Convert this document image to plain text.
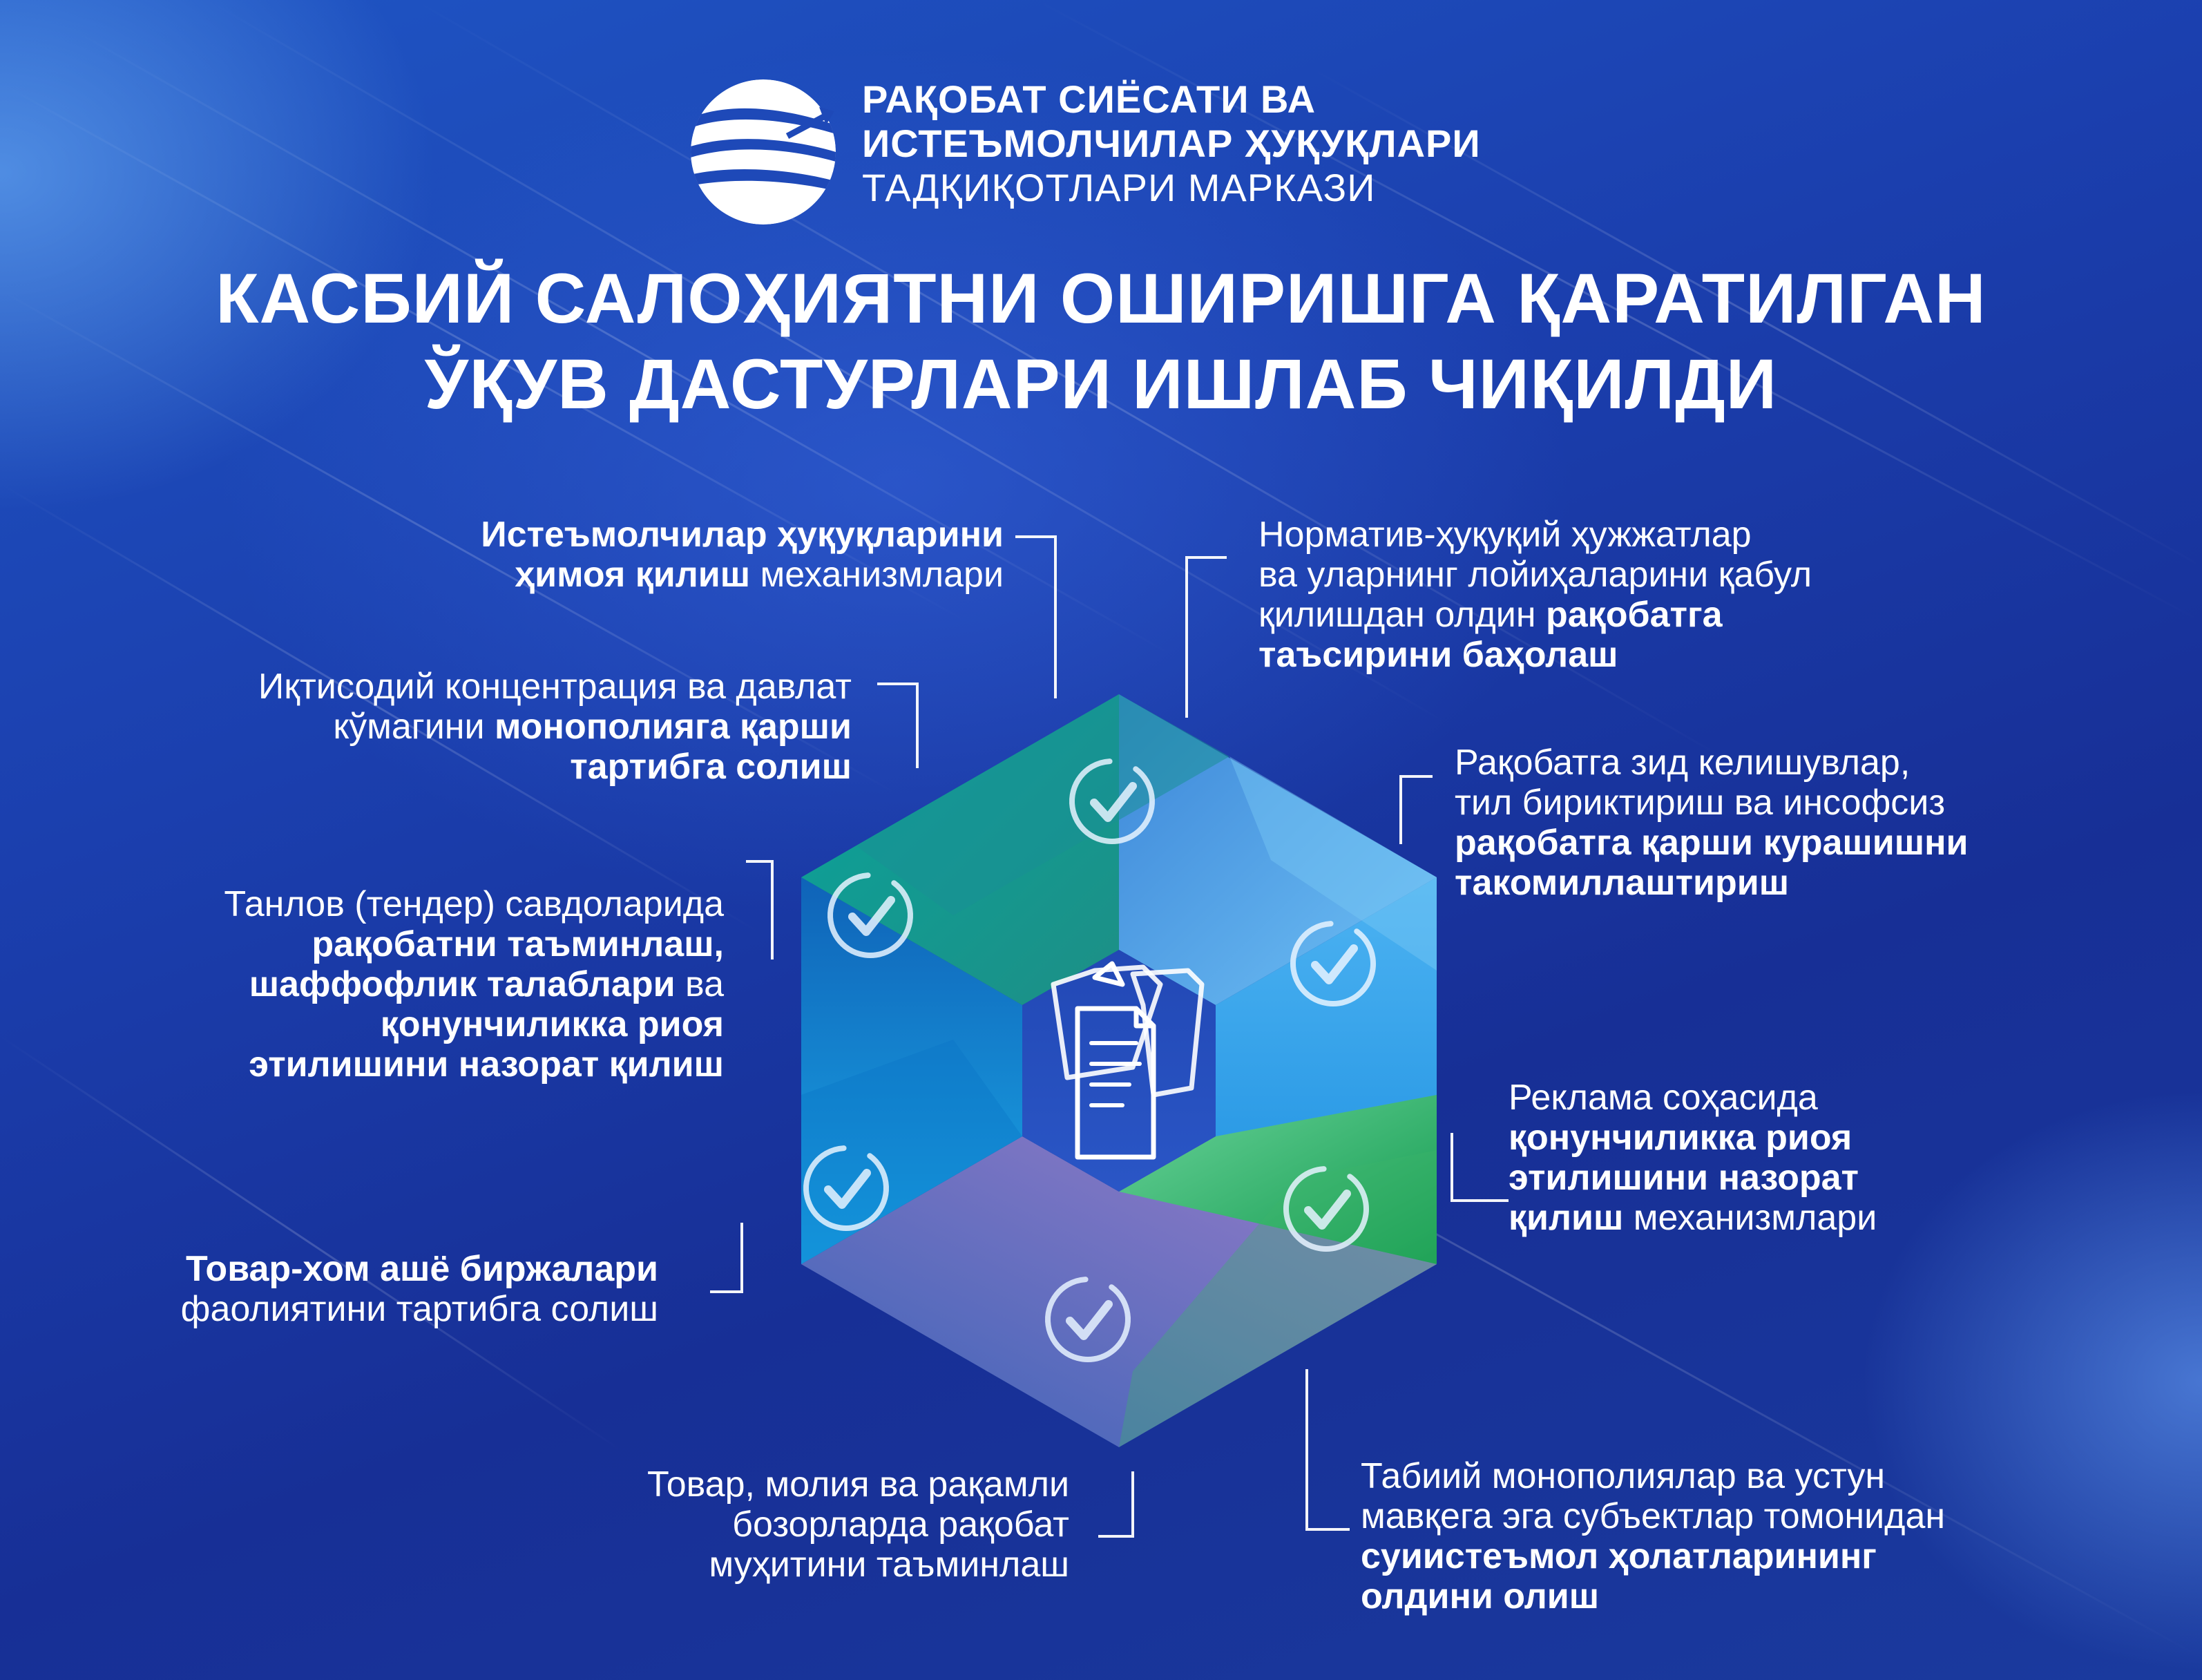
РАҚОБАТ СИЁСАТИ ВА
ИСТЕЪМОЛЧИЛАР ҲУҚУҚЛАРИ
ТАДҚИҚОТЛАРИ МАРКАЗИ
КАСБИЙ САЛОҲИЯТНИ ОШИРИШГА ҚАРАТИЛГАН
ЎҚУВ ДАСТУРЛАРИ ИШЛАБ ЧИҚИЛДИ
Истеъмолчилар ҳуқуқларини
ҳимоя қилиш механизмлари
Иқтисодий концентрация ва давлат
кўмагини монополияга қарши
тартибга солиш
Танлов (тендер) савдоларида
рақобатни таъминлаш,
шаффофлик талаблари ва
қонунчиликка риоя
этилишини назорат қилиш
Товар-хом ашё биржалари
фаолиятини тартибга солиш
Товар, молия ва рақамли
бозорларда рақобат
муҳитини таъминлаш
Норматив-ҳуқуқий ҳужжатлар
ва уларнинг лойиҳаларини қабул
қилишдан олдин рақобатга
таъсирини баҳолаш
Рақобатга зид келишувлар,
тил бириктириш ва инсофсиз
рақобатга қарши курашишни
такомиллаштириш
Реклама соҳасида
қонунчиликка риоя
этилишини назорат
қилиш механизмлари
Табиий монополиялар ва устун
мавқега эга субъектлар томонидан
суиистеъмол ҳолатларининг
олдини олиш
